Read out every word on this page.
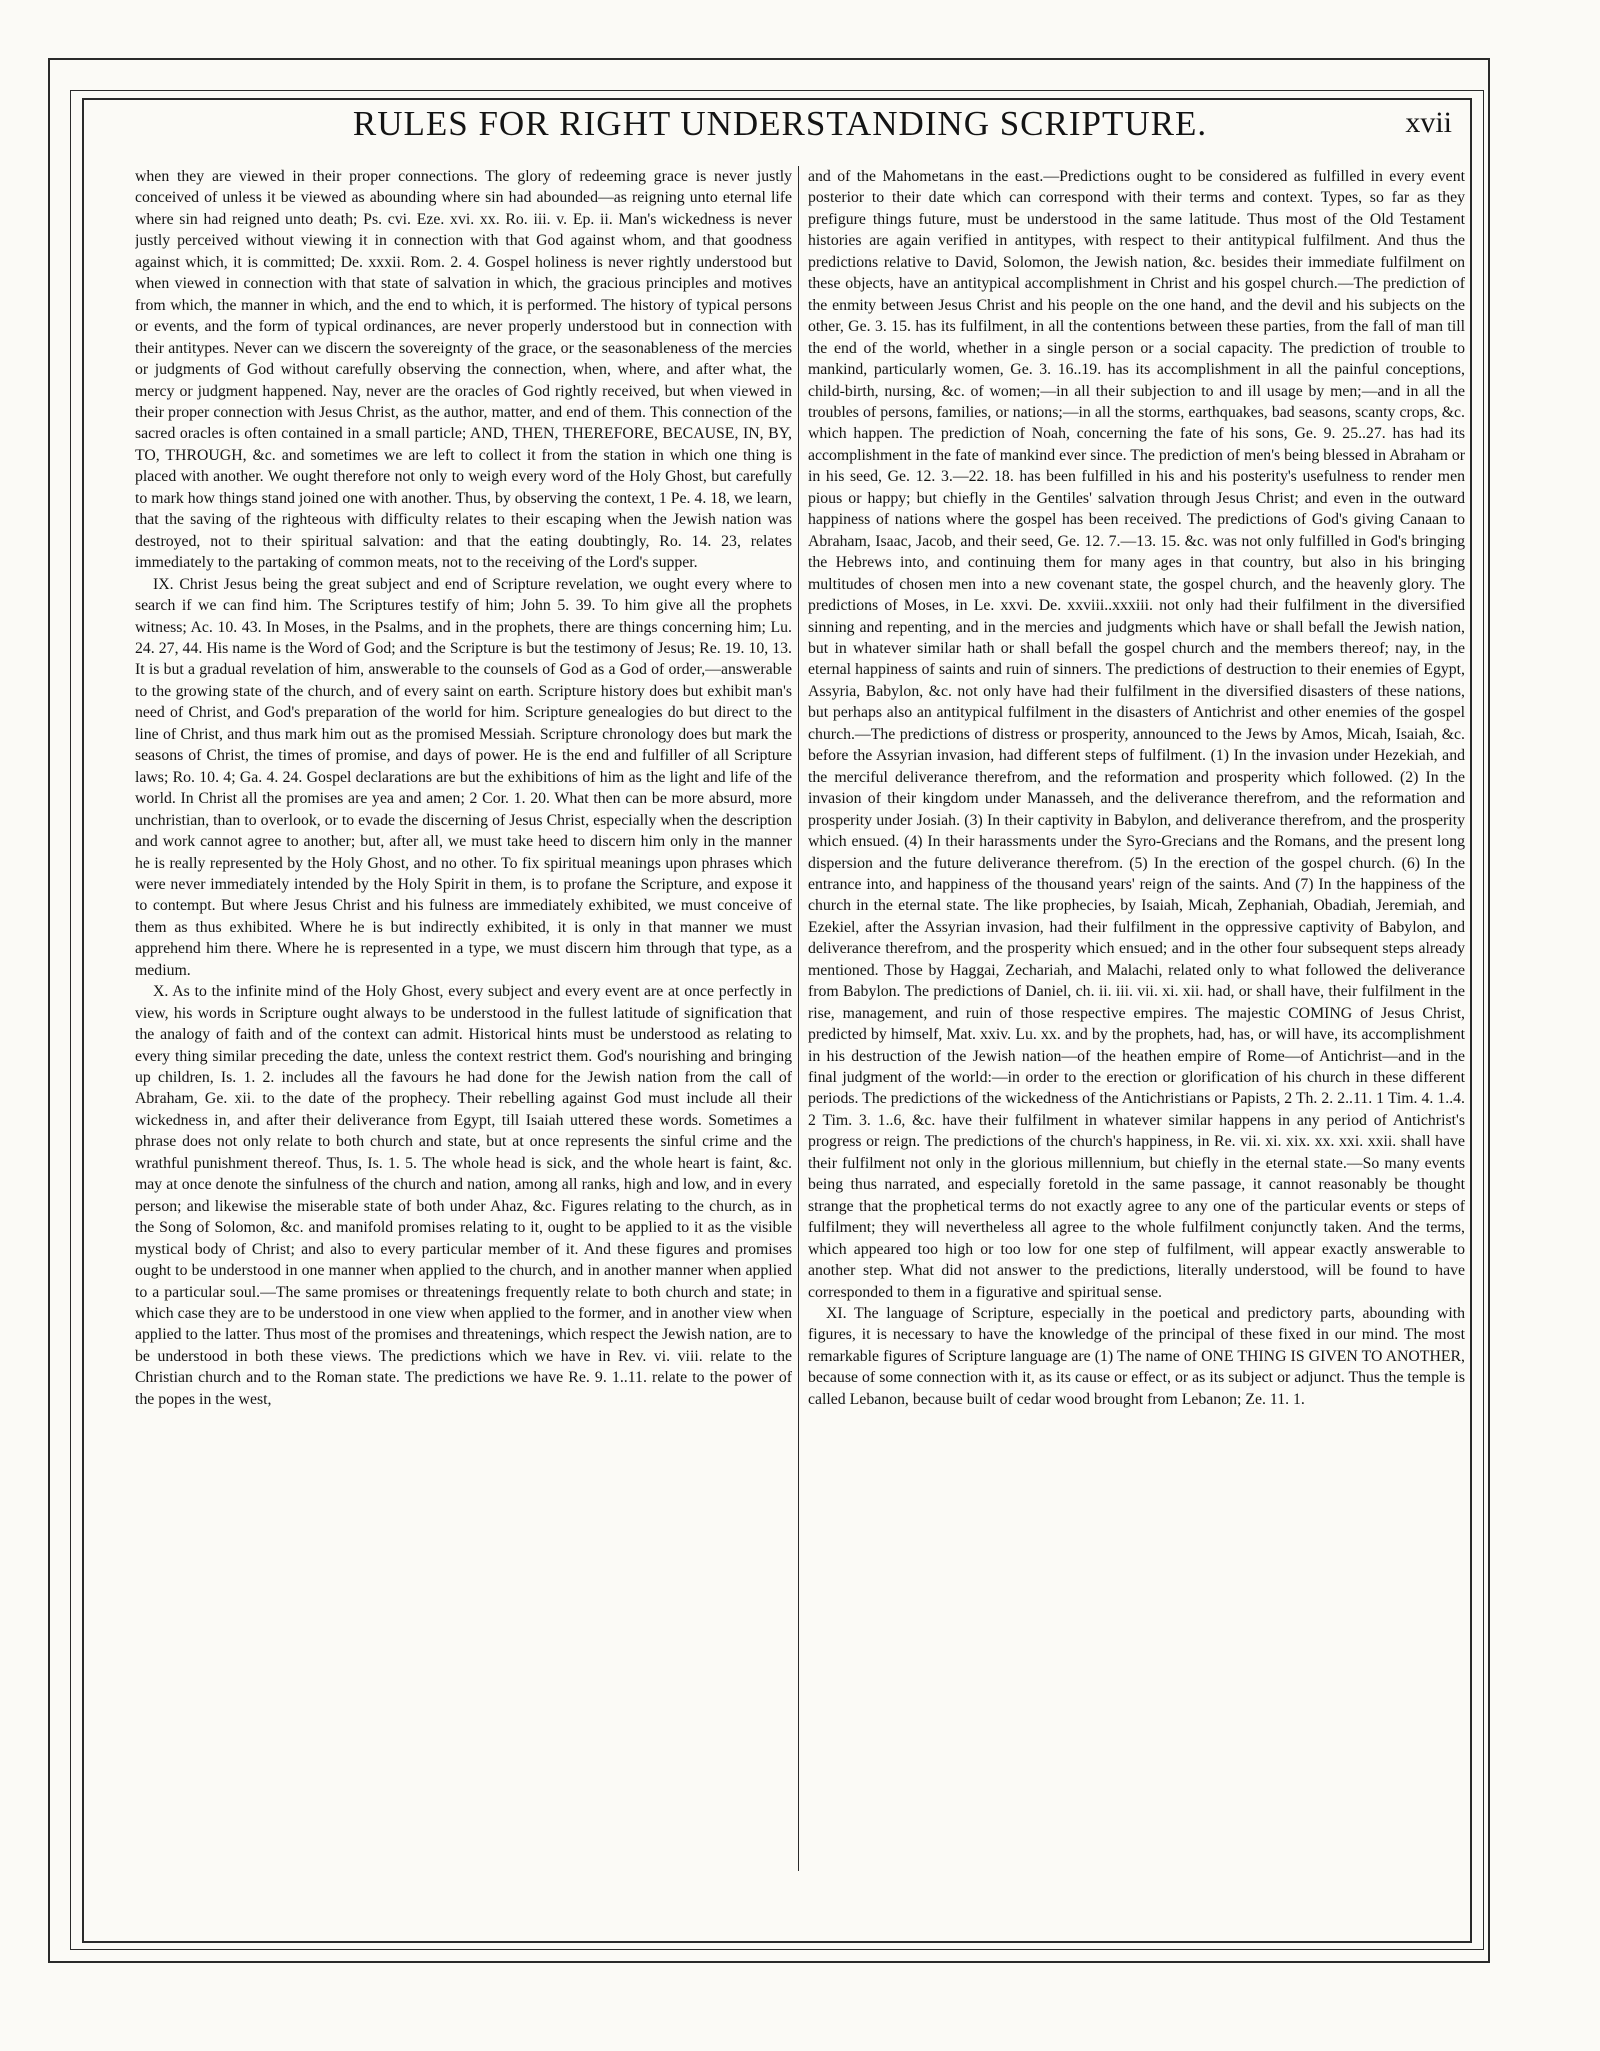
RULES FOR RIGHT UNDERSTANDING SCRIPTURE.	xvii

when they are viewed in their proper connections. The glory of redeeming grace is never justly conceived of unless it be viewed as abounding where sin had abounded—as reigning unto eternal life where sin had reigned unto death; Ps. cvi. Eze. xvi. xx. Ro. iii. v. Ep. ii. Man's wickedness is never justly perceived without viewing it in connection with that God against whom, and that goodness against which, it is committed; De. xxxii. Rom. 2. 4. Gospel holiness is never rightly understood but when viewed in connection with that state of salvation in which, the gracious principles and motives from which, the manner in which, and the end to which, it is performed. The history of typical persons or events, and the form of typical ordinances, are never properly understood but in connection with their antitypes. Never can we discern the sovereignty of the grace, or the seasonableness of the mercies or judgments of God without carefully observing the connection, when, where, and after what, the mercy or judgment happened. Nay, never are the oracles of God rightly received, but when viewed in their proper connection with Jesus Christ, as the author, matter, and end of them. This connection of the sacred oracles is often contained in a small particle; AND, THEN, THEREFORE, BECAUSE, IN, BY, TO, THROUGH, &c. and sometimes we are left to collect it from the station in which one thing is placed with another. We ought therefore not only to weigh every word of the Holy Ghost, but carefully to mark how things stand joined one with another. Thus, by observing the context, 1 Pe. 4. 18, we learn, that the saving of the righteous with difficulty relates to their escaping when the Jewish nation was destroyed, not to their spiritual salvation: and that the eating doubtingly, Ro. 14. 23, relates immediately to the partaking of common meats, not to the receiving of the Lord's supper.

IX. Christ Jesus being the great subject and end of Scripture revelation, we ought every where to search if we can find him. The Scriptures testify of him; John 5. 39. To him give all the prophets witness; Ac. 10. 43. In Moses, in the Psalms, and in the prophets, there are things concerning him; Lu. 24. 27, 44. His name is the Word of God; and the Scripture is but the testimony of Jesus; Re. 19. 10, 13. It is but a gradual revelation of him, answerable to the counsels of God as a God of order,—answerable to the growing state of the church, and of every saint on earth. Scripture history does but exhibit man's need of Christ, and God's preparation of the world for him. Scripture genealogies do but direct to the line of Christ, and thus mark him out as the promised Messiah. Scripture chronology does but mark the seasons of Christ, the times of promise, and days of power. He is the end and fulfiller of all Scripture laws; Ro. 10. 4; Ga. 4. 24. Gospel declarations are but the exhibitions of him as the light and life of the world. In Christ all the promises are yea and amen; 2 Cor. 1. 20. What then can be more absurd, more unchristian, than to overlook, or to evade the discerning of Jesus Christ, especially when the description and work cannot agree to another; but, after all, we must take heed to discern him only in the manner he is really represented by the Holy Ghost, and no other. To fix spiritual meanings upon phrases which were never immediately intended by the Holy Spirit in them, is to profane the Scripture, and expose it to contempt. But where Jesus Christ and his fulness are immediately exhibited, we must conceive of them as thus exhibited. Where he is but indirectly exhibited, it is only in that manner we must apprehend him there. Where he is represented in a type, we must discern him through that type, as a medium.

X. As to the infinite mind of the Holy Ghost, every subject and every event are at once perfectly in view, his words in Scripture ought always to be understood in the fullest latitude of signification that the analogy of faith and of the context can admit. Historical hints must be understood as relating to every thing similar preceding the date, unless the context restrict them. God's nourishing and bringing up children, Is. 1. 2. includes all the favours he had done for the Jewish nation from the call of Abraham, Ge. xii. to the date of the prophecy. Their rebelling against God must include all their wickedness in, and after their deliverance from Egypt, till Isaiah uttered these words. Sometimes a phrase does not only relate to both church and state, but at once represents the sinful crime and the wrathful punishment thereof. Thus, Is. 1. 5. The whole head is sick, and the whole heart is faint, &c. may at once denote the sinfulness of the church and nation, among all ranks, high and low, and in every person; and likewise the miserable state of both under Ahaz, &c. Figures relating to the church, as in the Song of Solomon, &c. and manifold promises relating to it, ought to be applied to it as the visible mystical body of Christ; and also to every particular member of it. And these figures and promises ought to be understood in one manner when applied to the church, and in another manner when applied to a particular soul.—The same promises or threatenings frequently relate to both church and state; in which case they are to be understood in one view when applied to the former, and in another view when applied to the latter. Thus most of the promises and threatenings, which respect the Jewish nation, are to be understood in both these views. The predictions which we have in Rev. vi. viii. relate to the Christian church and to the Roman state. The predictions we have Re. 9. 1..11. relate to the power of the popes in the west,

and of the Mahometans in the east.—Predictions ought to be considered as fulfilled in every event posterior to their date which can correspond with their terms and context. Types, so far as they prefigure things future, must be understood in the same latitude. Thus most of the Old Testament histories are again verified in antitypes, with respect to their antitypical fulfilment. And thus the predictions relative to David, Solomon, the Jewish nation, &c. besides their immediate fulfilment on these objects, have an antitypical accomplishment in Christ and his gospel church.—The prediction of the enmity between Jesus Christ and his people on the one hand, and the devil and his subjects on the other, Ge. 3. 15. has its fulfilment, in all the contentions between these parties, from the fall of man till the end of the world, whether in a single person or a social capacity. The prediction of trouble to mankind, particularly women, Ge. 3. 16..19. has its accomplishment in all the painful conceptions, child-birth, nursing, &c. of women;—in all their subjection to and ill usage by men;—and in all the troubles of persons, families, or nations;—in all the storms, earthquakes, bad seasons, scanty crops, &c. which happen. The prediction of Noah, concerning the fate of his sons, Ge. 9. 25..27. has had its accomplishment in the fate of mankind ever since. The prediction of men's being blessed in Abraham or in his seed, Ge. 12. 3.—22. 18. has been fulfilled in his and his posterity's usefulness to render men pious or happy; but chiefly in the Gentiles' salvation through Jesus Christ; and even in the outward happiness of nations where the gospel has been received. The predictions of God's giving Canaan to Abraham, Isaac, Jacob, and their seed, Ge. 12. 7.—13. 15. &c. was not only fulfilled in God's bringing the Hebrews into, and continuing them for many ages in that country, but also in his bringing multitudes of chosen men into a new covenant state, the gospel church, and the heavenly glory. The predictions of Moses, in Le. xxvi. De. xxviii..xxxiii. not only had their fulfilment in the diversified sinning and repenting, and in the mercies and judgments which have or shall befall the Jewish nation, but in whatever similar hath or shall befall the gospel church and the members thereof; nay, in the eternal happiness of saints and ruin of sinners. The predictions of destruction to their enemies of Egypt, Assyria, Babylon, &c. not only have had their fulfilment in the diversified disasters of these nations, but perhaps also an antitypical fulfilment in the disasters of Antichrist and other enemies of the gospel church.—The predictions of distress or prosperity, announced to the Jews by Amos, Micah, Isaiah, &c. before the Assyrian invasion, had different steps of fulfilment. (1) In the invasion under Hezekiah, and the merciful deliverance therefrom, and the reformation and prosperity which followed. (2) In the invasion of their kingdom under Manasseh, and the deliverance therefrom, and the reformation and prosperity under Josiah. (3) In their captivity in Babylon, and deliverance therefrom, and the prosperity which ensued. (4) In their harassments under the Syro-Grecians and the Romans, and the present long dispersion and the future deliverance therefrom. (5) In the erection of the gospel church. (6) In the entrance into, and happiness of the thousand years' reign of the saints. And (7) In the happiness of the church in the eternal state. The like prophecies, by Isaiah, Micah, Zephaniah, Obadiah, Jeremiah, and Ezekiel, after the Assyrian invasion, had their fulfilment in the oppressive captivity of Babylon, and deliverance therefrom, and the prosperity which ensued; and in the other four subsequent steps already mentioned. Those by Haggai, Zechariah, and Malachi, related only to what followed the deliverance from Babylon. The predictions of Daniel, ch. ii. iii. vii. xi. xii. had, or shall have, their fulfilment in the rise, management, and ruin of those respective empires. The majestic COMING of Jesus Christ, predicted by himself, Mat. xxiv. Lu. xx. and by the prophets, had, has, or will have, its accomplishment in his destruction of the Jewish nation—of the heathen empire of Rome—of Antichrist—and in the final judgment of the world:—in order to the erection or glorification of his church in these different periods. The predictions of the wickedness of the Antichristians or Papists, 2 Th. 2. 2..11. 1 Tim. 4. 1..4. 2 Tim. 3. 1..6, &c. have their fulfilment in whatever similar happens in any period of Antichrist's progress or reign. The predictions of the church's happiness, in Re. vii. xi. xix. xx. xxi. xxii. shall have their fulfilment not only in the glorious millennium, but chiefly in the eternal state.—So many events being thus narrated, and especially foretold in the same passage, it cannot reasonably be thought strange that the prophetical terms do not exactly agree to any one of the particular events or steps of fulfilment; they will nevertheless all agree to the whole fulfilment conjunctly taken. And the terms, which appeared too high or too low for one step of fulfilment, will appear exactly answerable to another step. What did not answer to the predictions, literally understood, will be found to have corresponded to them in a figurative and spiritual sense.

XI. The language of Scripture, especially in the poetical and predictory parts, abounding with figures, it is necessary to have the knowledge of the principal of these fixed in our mind. The most remarkable figures of Scripture language are (1) The name of ONE THING IS GIVEN TO ANOTHER, because of some connection with it, as its cause or effect, or as its subject or adjunct. Thus the temple is called Lebanon, because built of cedar wood brought from Lebanon; Ze. 11. 1.
